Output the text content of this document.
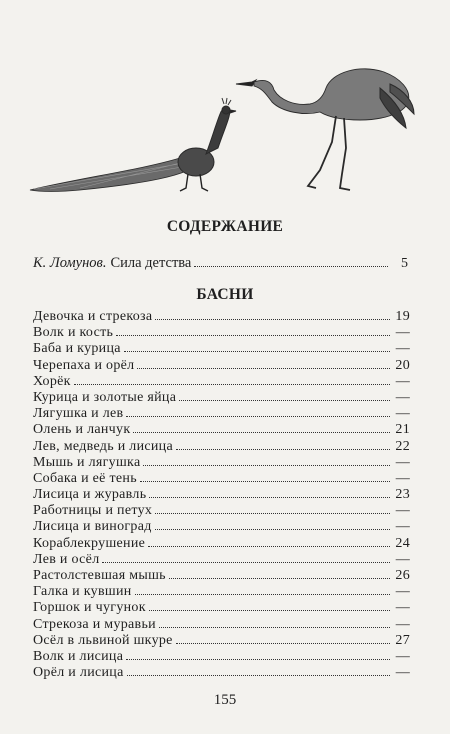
СОДЕРЖАНИЕ
К. Ломунов. Сила детства	5
БАСНИ
Девочка и стрекоза	19
Волк и кость	—
Баба и курица	—
Черепаха и орёл	20
Хорёк	—
Курица и золотые яйца	—
Лягушка и лев	—
Олень и ланчук	21
Лев, медведь и лисица	22
Мышь и лягушка	—
Собака и её тень	—
Лисица и журавль	23
Работницы и петух	—
Лисица и виноград	—
Кораблекрушение	24
Лев и осёл	—
Растолстевшая мышь	26
Галка и кувшин	—
Горшок и чугунок	—
Стрекоза и муравьи	—
Осёл в львиной шкуре	27
Волк и лисица	—
Орёл и лисица	—
155
